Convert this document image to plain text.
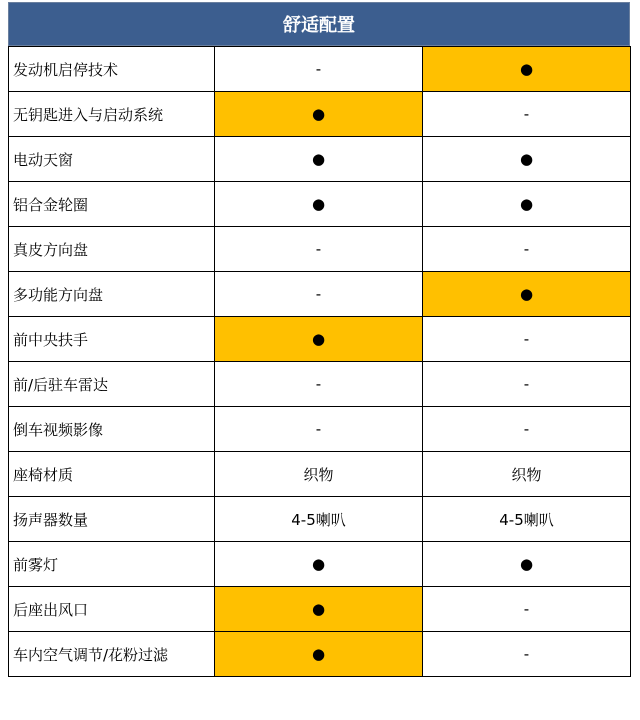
舒适配置
发动机启停技术	-	●
无钥匙进入与启动系统	●	-
电动天窗	●	●
铝合金轮圈	●	●
真皮方向盘	-	-
多功能方向盘	-	●
前中央扶手	●	-
前/后驻车雷达	-	-
倒车视频影像	-	-
座椅材质	织物	织物
扬声器数量	4-5喇叭	4-5喇叭
前雾灯	●	●
后座出风口	●	-
车内空气调节/花粉过滤	●	-
